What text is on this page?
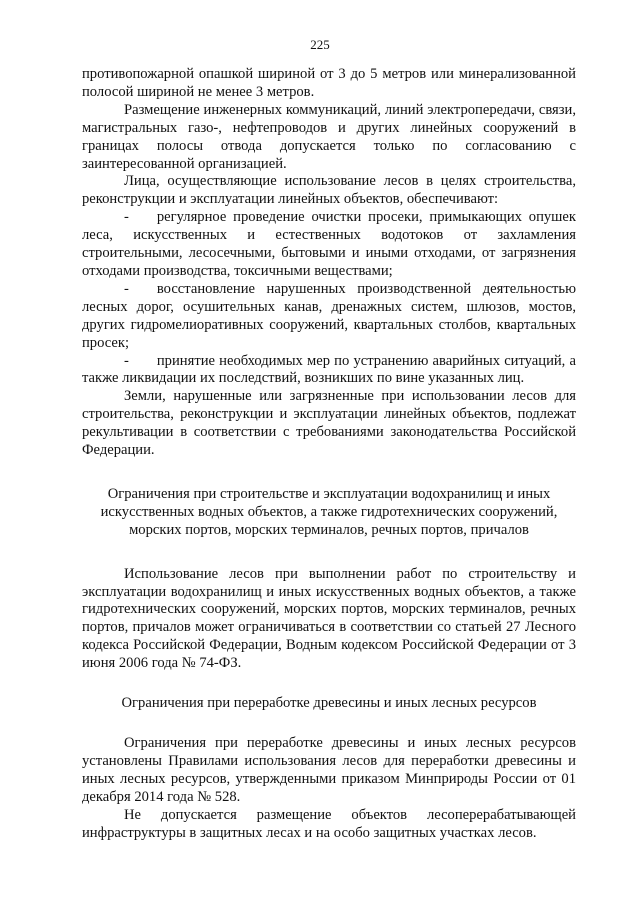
225

противопожарной опашкой шириной от 3 до 5 метров или минерализованной полосой шириной не менее 3 метров.

Размещение инженерных коммуникаций, линий электропередачи, связи, магистральных газо-, нефтепроводов и других линейных сооружений в границах полосы отвода допускается только по согласованию с заинтересованной организацией.

Лица, осуществляющие использование лесов в целях строительства, реконструкции и эксплуатации линейных объектов, обеспечивают:

- регулярное проведение очистки просеки, примыкающих опушек леса, искусственных и естественных водотоков от захламления строительными, лесосечными, бытовыми и иными отходами, от загрязнения отходами производства, токсичными веществами;

- восстановление нарушенных производственной деятельностью лесных дорог, осушительных канав, дренажных систем, шлюзов, мостов, других гидромелиоративных сооружений, квартальных столбов, квартальных просек;

- принятие необходимых мер по устранению аварийных ситуаций, а также ликвидации их последствий, возникших по вине указанных лиц.

Земли, нарушенные или загрязненные при использовании лесов для строительства, реконструкции и эксплуатации линейных объектов, подлежат рекультивации в соответствии с требованиями законодательства Российской Федерации.

Ограничения при строительстве и эксплуатации водохранилищ и иных

искусственных водных объектов, а также гидротехнических сооружений,

морских портов, морских терминалов, речных портов, причалов

Использование лесов при выполнении работ по строительству и эксплуатации водохранилищ и иных искусственных водных объектов, а также гидротехнических сооружений, морских портов, морских терминалов, речных портов, причалов может ограничиваться в соответствии со статьей 27 Лесного кодекса Российской Федерации, Водным кодексом Российской Федерации от 3 июня 2006 года № 74-ФЗ.

Ограничения при переработке древесины и иных лесных ресурсов

Ограничения при переработке древесины и иных лесных ресурсов установлены Правилами использования лесов для переработки древесины и иных лесных ресурсов, утвержденными приказом Минприроды России от 01 декабря 2014 года № 528.

Не допускается размещение объектов лесоперерабатывающей инфраструктуры в защитных лесах и на особо защитных участках лесов.
